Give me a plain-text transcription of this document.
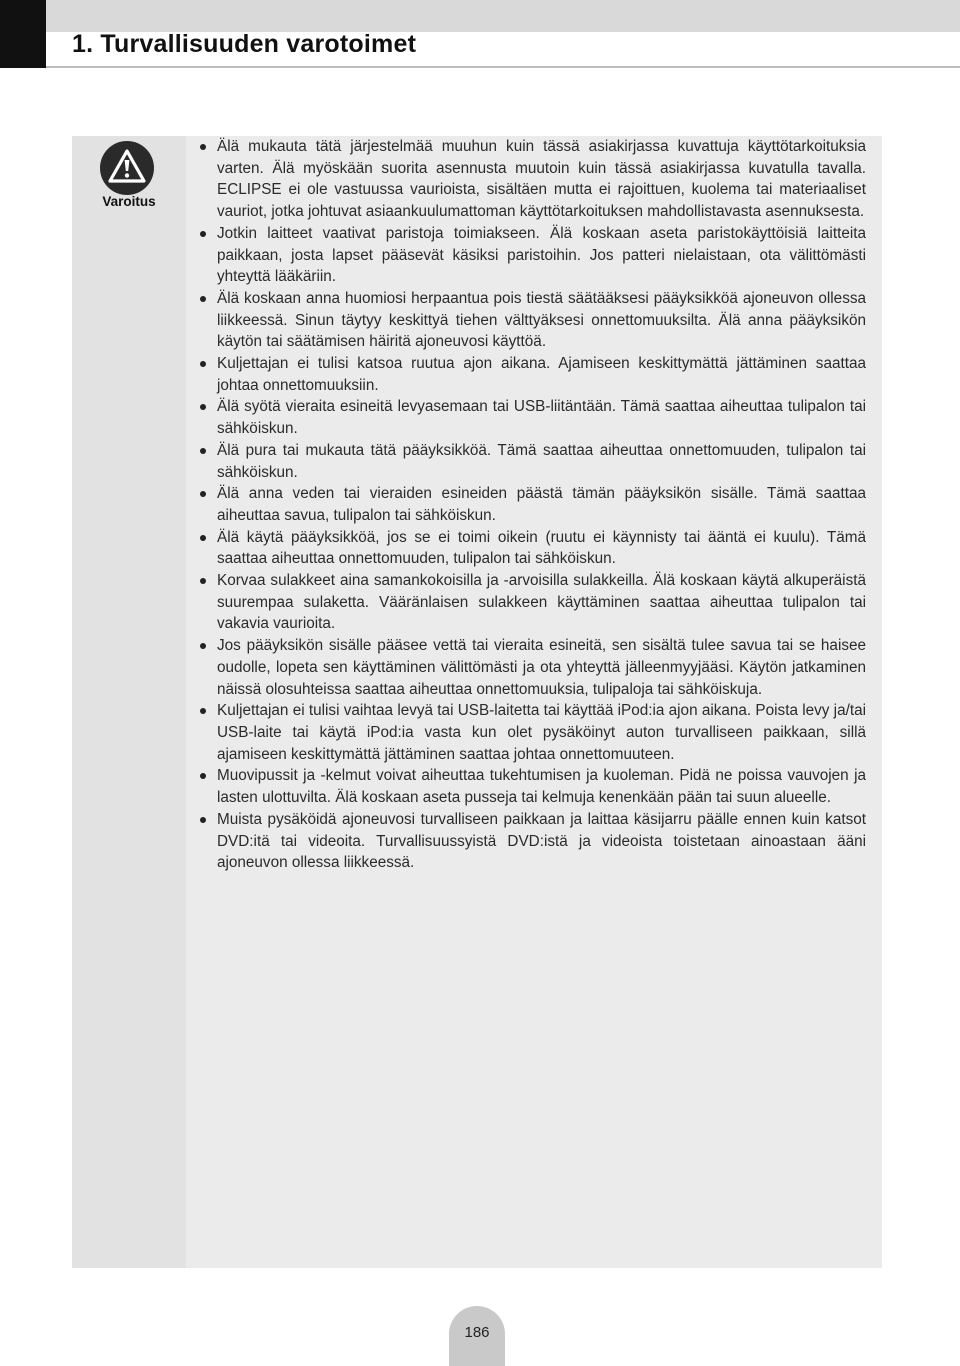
1. Turvallisuuden varotoimet
Varoitus
Älä mukauta tätä järjestelmää muuhun kuin tässä asiakirjassa kuvattuja käyttötarkoituksia varten. Älä myöskään suorita asennusta muutoin kuin tässä asiakirjassa kuvatulla tavalla. ECLIPSE ei ole vastuussa vaurioista, sisältäen mutta ei rajoittuen, kuolema tai materiaaliset vauriot, jotka johtuvat asiaankuulumattoman käyttötarkoituksen mahdollistavasta asennuksesta.
Jotkin laitteet vaativat paristoja toimiakseen. Älä koskaan aseta paristokäyttöisiä laitteita paikkaan, josta lapset pääsevät käsiksi paristoihin. Jos patteri nielaistaan, ota välittömästi yhteyttä lääkäriin.
Älä koskaan anna huomiosi herpaantua pois tiestä säätääksesi pääyksikköä ajoneuvon ollessa liikkeessä. Sinun täytyy keskittyä tiehen välttyäksesi onnettomuuksilta. Älä anna pääyksikön käytön tai säätämisen häiritä ajoneuvosi käyttöä.
Kuljettajan ei tulisi katsoa ruutua ajon aikana. Ajamiseen keskittymättä jättäminen saattaa johtaa onnettomuuksiin.
Älä syötä vieraita esineitä levyasemaan tai USB-liitäntään. Tämä saattaa aiheuttaa tulipalon tai sähköiskun.
Älä pura tai mukauta tätä pääyksikköä. Tämä saattaa aiheuttaa onnettomuuden, tulipalon tai sähköiskun.
Älä anna veden tai vieraiden esineiden päästä tämän pääyksikön sisälle. Tämä saattaa aiheuttaa savua, tulipalon tai sähköiskun.
Älä käytä pääyksikköä, jos se ei toimi oikein (ruutu ei käynnisty tai ääntä ei kuulu). Tämä saattaa aiheuttaa onnettomuuden, tulipalon tai sähköiskun.
Korvaa sulakkeet aina samankokoisilla ja -arvoisilla sulakkeilla. Älä koskaan käytä alkuperäistä suurempaa sulaketta. Vääränlaisen sulakkeen käyttäminen saattaa aiheuttaa tulipalon tai vakavia vaurioita.
Jos pääyksikön sisälle pääsee vettä tai vieraita esineitä, sen sisältä tulee savua tai se haisee oudolle, lopeta sen käyttäminen välittömästi ja ota yhteyttä jälleenmyyjääsi. Käytön jatkaminen näissä olosuhteissa saattaa aiheuttaa onnettomuuksia, tulipaloja tai sähköiskuja.
Kuljettajan ei tulisi vaihtaa levyä tai USB-laitetta tai käyttää iPod:ia ajon aikana. Poista levy ja/tai USB-laite tai käytä iPod:ia vasta kun olet pysäköinyt auton turvalliseen paikkaan, sillä ajamiseen keskittymättä jättäminen saattaa johtaa onnettomuuteen.
Muovipussit ja -kelmut voivat aiheuttaa tukehtumisen ja kuoleman. Pidä ne poissa vauvojen ja lasten ulottuvilta. Älä koskaan aseta pusseja tai kelmuja kenenkään pään tai suun alueelle.
Muista pysäköidä ajoneuvosi turvalliseen paikkaan ja laittaa käsijarru päälle ennen kuin katsot DVD:itä tai videoita. Turvallisuussyistä DVD:istä ja videoista toistetaan ainoastaan ääni ajoneuvon ollessa liikkeessä.
186
